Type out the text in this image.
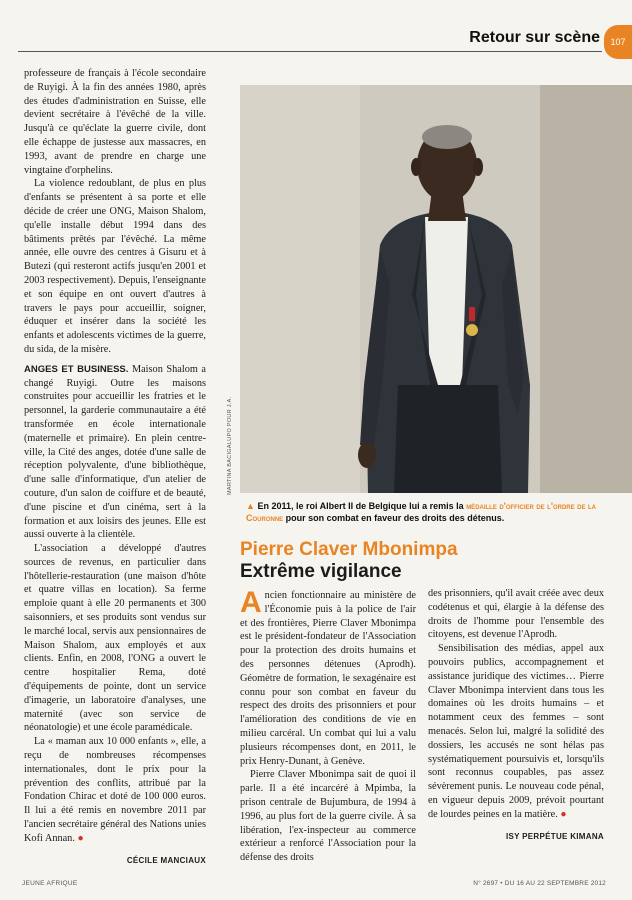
Retour sur scène	107

professeure de français à l'école secondaire de Ruyigi. À la fin des années 1980, après des études d'administration en Suisse, elle devient secrétaire à l'évêché de la ville. Jusqu'à ce qu'éclate la guerre civile, dont elle échappe de justesse aux massacres, en 1993, avant de prendre en charge une vingtaine d'orphelins.

La violence redoublant, de plus en plus d'enfants se présentent à sa porte et elle décide de créer une ONG, Maison Shalom, qu'elle installe début 1994 dans des bâtiments prêtés par l'évêché. La même année, elle ouvre des centres à Gisuru et à Butezi (qui resteront actifs jusqu'en 2001 et 2003 respectivement). Depuis, l'enseignante et son équipe en ont ouvert d'autres à travers le pays pour accueillir, soigner, éduquer et insérer dans la société les enfants et adolescents victimes de la guerre, du sida, de la misère.

ANGES ET BUSINESS. Maison Shalom a changé Ruyigi. Outre les maisons construites pour accueillir les fratries et le personnel, la garderie communautaire a été transformée en école internationale (maternelle et primaire). En plein centre-ville, la Cité des anges, dotée d'une salle de réception polyvalente, d'une bibliothèque, d'une salle d'informatique, d'un atelier de couture, d'un salon de coiffure et de beauté, d'une piscine et d'un cinéma, sert à la formation et aux loisirs des jeunes. Elle est aussi ouverte à la clientèle.

L'association a développé d'autres sources de revenus, en particulier dans l'hôtellerie-restauration (une maison d'hôte et quatre villas en location). Sa ferme emploie quant à elle 20 permanents et 300 saisonniers, et ses produits sont vendus sur le marché local, servis aux pensionnaires de Maison Shalom, aux employés et aux clients. Enfin, en 2008, l'ONG a ouvert le centre hospitalier Rema, doté d'équipements de pointe, dont un service d'imagerie, un laboratoire d'analyses, une maternité (avec son service de néonatologie) et une école paramédicale.

La « maman aux 10 000 enfants », elle, a reçu de nombreuses récompenses internationales, dont le prix pour la prévention des conflits, attribué par la Fondation Chirac et doté de 100 000 euros. Il lui a été remis en novembre 2011 par l'ancien secrétaire général des Nations unies Kofi Annan. ●

CÉCILE MANCIAUX
MARTINA BACIGALUPO POUR J.A.
▲ En 2011, le roi Albert II de Belgique lui a remis la médaille d'officier de l'ordre de la Couronne pour son combat en faveur des droits des détenus.
Pierre Claver Mbonimpa
Extrême vigilance

Ancien fonctionnaire au ministère de l'Économie puis à la police de l'air et des frontières, Pierre Claver Mbonimpa est le président-fondateur de l'Association pour la protection des droits humains et des personnes détenues (Aprodh). Géomètre de formation, le sexagénaire est connu pour son combat en faveur du respect des droits des prisonniers et pour l'amélioration des conditions de vie en milieu carcéral. Un combat qui lui a valu plusieurs récompenses dont, en 2011, le prix Henry-Dunant, à Genève.

Pierre Claver Mbonimpa sait de quoi il parle. Il a été incarcéré à Mpimba, la prison centrale de Bujumbura, de 1994 à 1996, au plus fort de la guerre civile. À sa libération, l'ex-inspecteur au commerce extérieur a renforcé l'Association pour la défense des droits

des prisonniers, qu'il avait créée avec deux codétenus et qui, élargie à la défense des droits de l'homme pour l'ensemble des citoyens, est devenue l'Aprodh.

Sensibilisation des médias, appel aux pouvoirs publics, accompagnement et assistance juridique des victimes… Pierre Claver Mbonimpa intervient dans tous les domaines où les droits humains – et notamment ceux des femmes – sont menacés. Selon lui, malgré la solidité des dossiers, les accusés ne sont hélas pas systématiquement poursuivis et, lorsqu'ils sont reconnus coupables, pas assez sévèrement punis. Le nouveau code pénal, en vigueur depuis 2009, prévoit pourtant de lourdes peines en la matière. ●

ISY PERPÉTUE KIMANA
JEUNE AFRIQUE	N° 2697 • DU 16 AU 22 SEPTEMBRE 2012
